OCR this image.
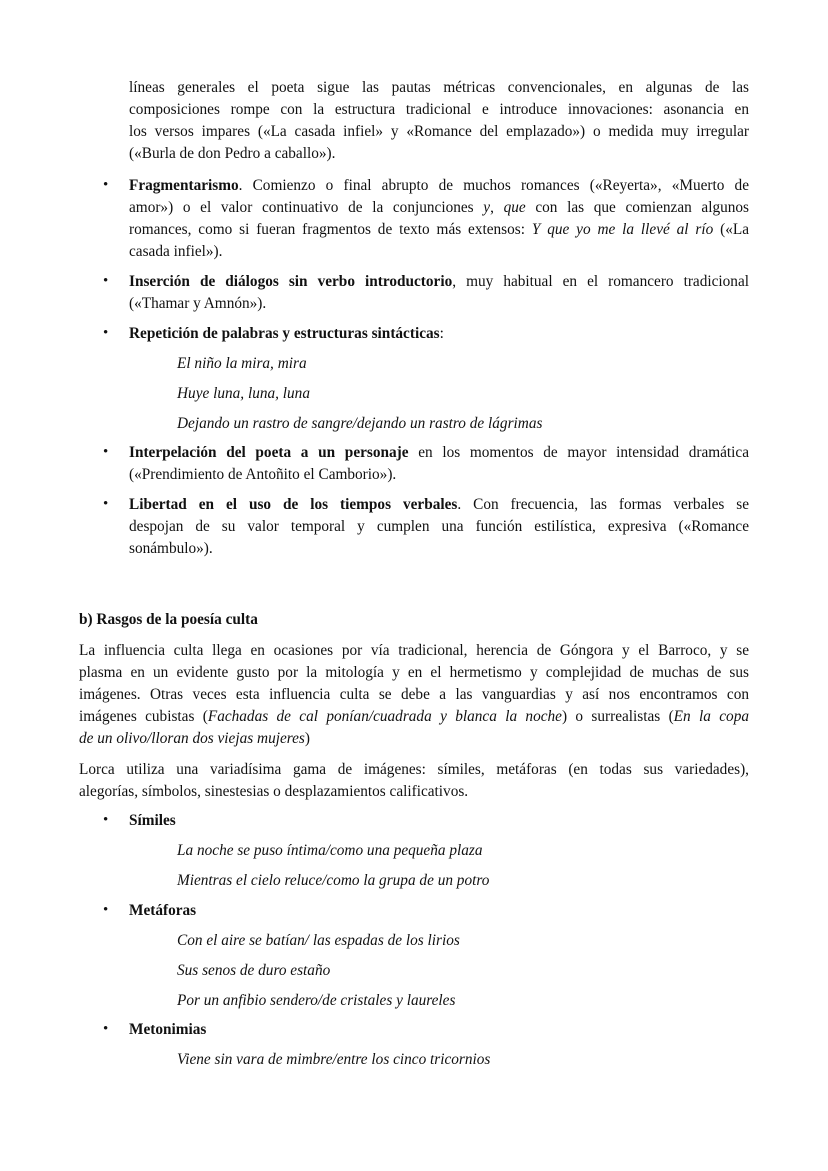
líneas generales el poeta sigue las pautas métricas convencionales, en algunas de las
composiciones rompe con la estructura tradicional e introduce innovaciones: asonancia en
los versos impares («La casada infiel» y «Romance del emplazado») o medida muy irregular
(«Burla de don Pedro a caballo»).
• Fragmentarismo. Comienzo o final abrupto de muchos romances («Reyerta», «Muerto de
amor») o el valor continuativo de la conjunciones y, que con las que comienzan algunos
romances, como si fueran fragmentos de texto más extensos: Y que yo me la llevé al río («La
casada infiel»).
• Inserción de diálogos sin verbo introductorio, muy habitual en el romancero tradicional
(«Thamar y Amnón»).
• Repetición de palabras y estructuras sintácticas:
El niño la mira, mira
Huye luna, luna, luna
Dejando un rastro de sangre/dejando un rastro de lágrimas
• Interpelación del poeta a un personaje en los momentos de mayor intensidad dramática
(«Prendimiento de Antoñito el Camborio»).
• Libertad en el uso de los tiempos verbales. Con frecuencia, las formas verbales se
despojan de su valor temporal y cumplen una función estilística, expresiva («Romance
sonámbulo»).
b) Rasgos de la poesía culta
La influencia culta llega en ocasiones por vía tradicional, herencia de Góngora y el Barroco, y se
plasma en un evidente gusto por la mitología y en el hermetismo y complejidad de muchas de sus
imágenes. Otras veces esta influencia culta se debe a las vanguardias y así nos encontramos con
imágenes cubistas (Fachadas de cal ponían/cuadrada y blanca la noche) o surrealistas (En la copa
de un olivo/lloran dos viejas mujeres)
Lorca utiliza una variadísima gama de imágenes: símiles, metáforas (en todas sus variedades),
alegorías, símbolos, sinestesias o desplazamientos calificativos.
• Símiles
La noche se puso íntima/como una pequeña plaza
Mientras el cielo reluce/como la grupa de un potro
• Metáforas
Con el aire se batían/ las espadas de los lirios
Sus senos de duro estaño
Por un anfibio sendero/de cristales y laureles
• Metonimias
Viene sin vara de mimbre/entre los cinco tricornios
